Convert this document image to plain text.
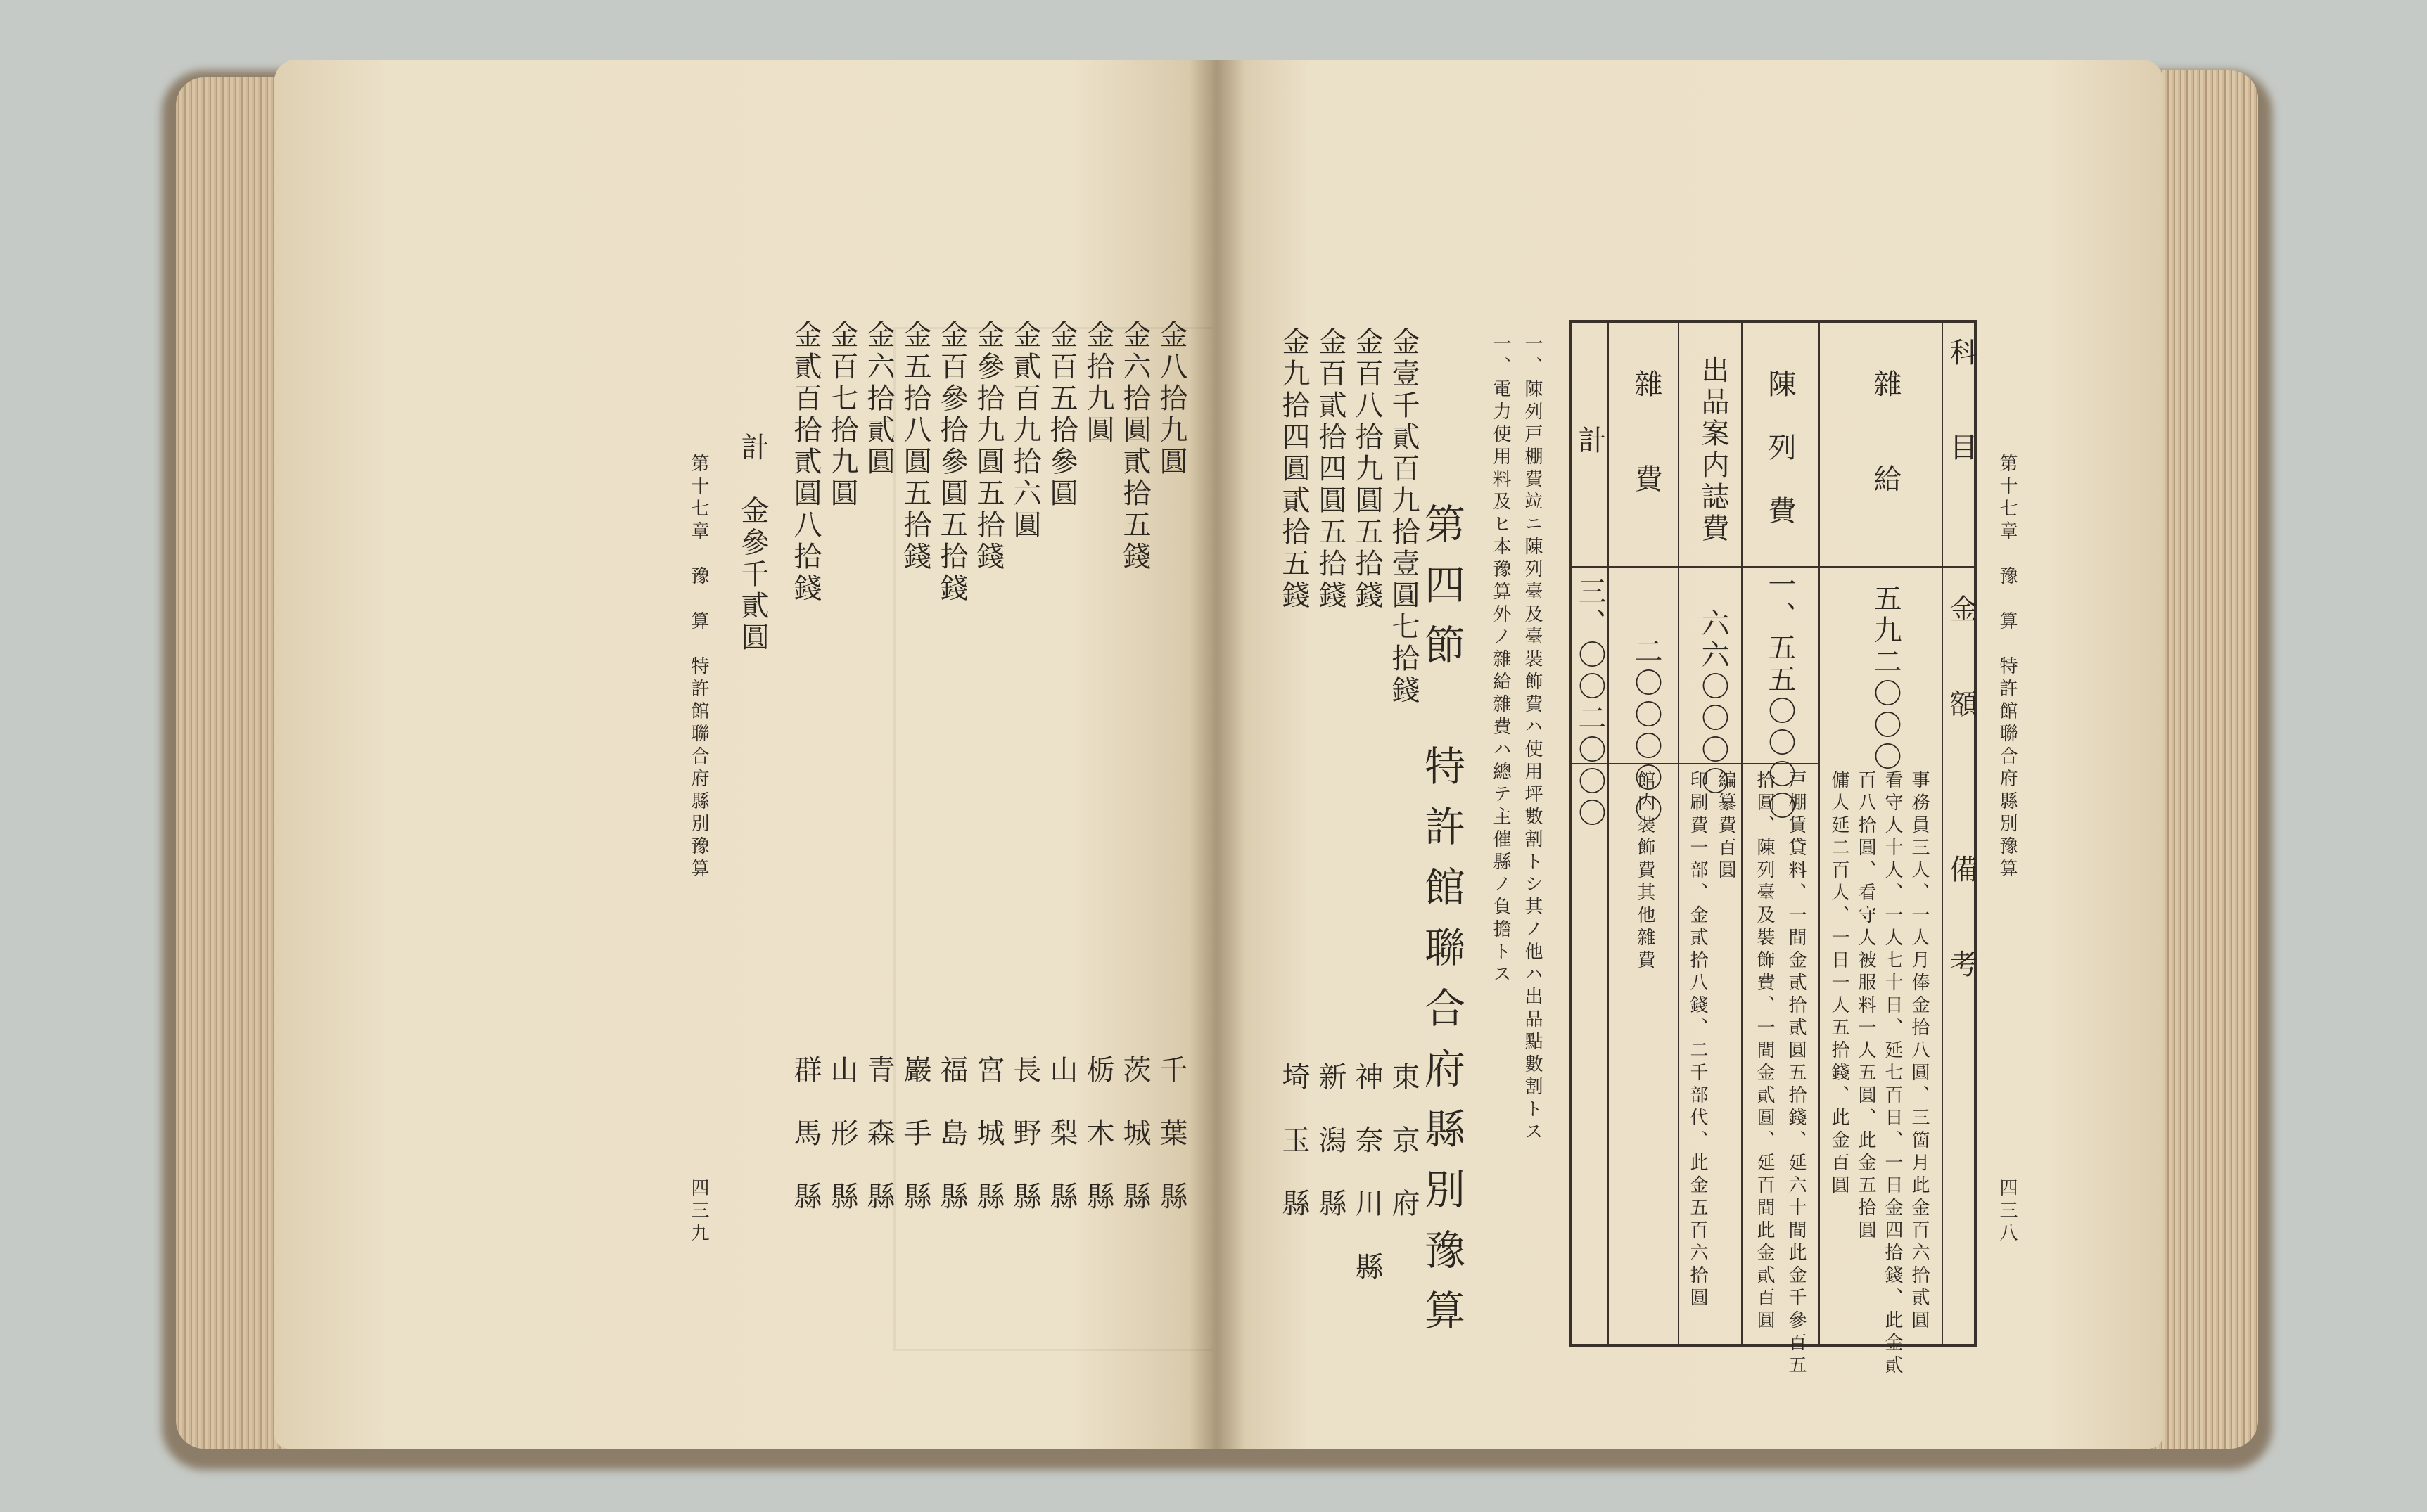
第十七章　豫　算　特許館聯合府縣別豫算
四三九
金八拾九圓
金六拾圓貳拾五錢
金拾九圓
金百五拾參圓
金貳百九拾六圓
金參拾九圓五拾錢
金百參拾參圓五拾錢
金五拾八圓五拾錢
金六拾貳圓
金百七拾九圓
金貳百拾貳圓八拾錢
計
金參千貳圓
千　葉　縣
茨　城　縣
栃　木　縣
山　梨　縣
長　野　縣
宮　城　縣
福　島　縣
巖　手　縣
青　森　縣
山　形　縣
群　馬　縣
第十七章　豫　算　特許館聯合府縣別豫算
四三八
科　　目
金　　額
備　　考
雜　　給
五九二〇〇〇
事務員三人、一人月俸金拾八圓、三箇月此金百六拾貳圓
看守人十人、一人七十日、延七百日、一日金四拾錢、此金貳
百八拾圓、看守人被服料一人五圓、此金五拾圓
傭人延二百人、一日一人五拾錢、此金百圓
陳　列　費
一、五五〇〇〇〇
戸棚賃貸料、一間金貳拾貳圓五拾錢、延六十間此金千參百五
拾圓、陳列臺及裝飾費、一間金貳圓、延百間此金貳百圓
出品案内誌費
六六〇〇〇〇
編纂費百圓
印刷費一部、金貳拾八錢、二千部代、此金五百六拾圓
雜　　費
二〇〇〇〇〇
館内裝飾費其他雜費
計
三、〇〇二〇〇〇
一、陳列戸棚費竝ニ陳列臺及臺裝飾費ハ使用坪數割トシ其ノ他ハ出品點數割トス
一、電力使用料及ヒ本豫算外ノ雜給雜費ハ總テ主催縣ノ負擔トス
第四節　特許館聯合府縣別豫算
金壹千貳百九拾壹圓七拾錢
金百八拾九圓五拾錢
金百貳拾四圓五拾錢
金九拾四圓貳拾五錢
東　京　府
神　奈　川　縣
新　潟　縣
埼　玉　縣
